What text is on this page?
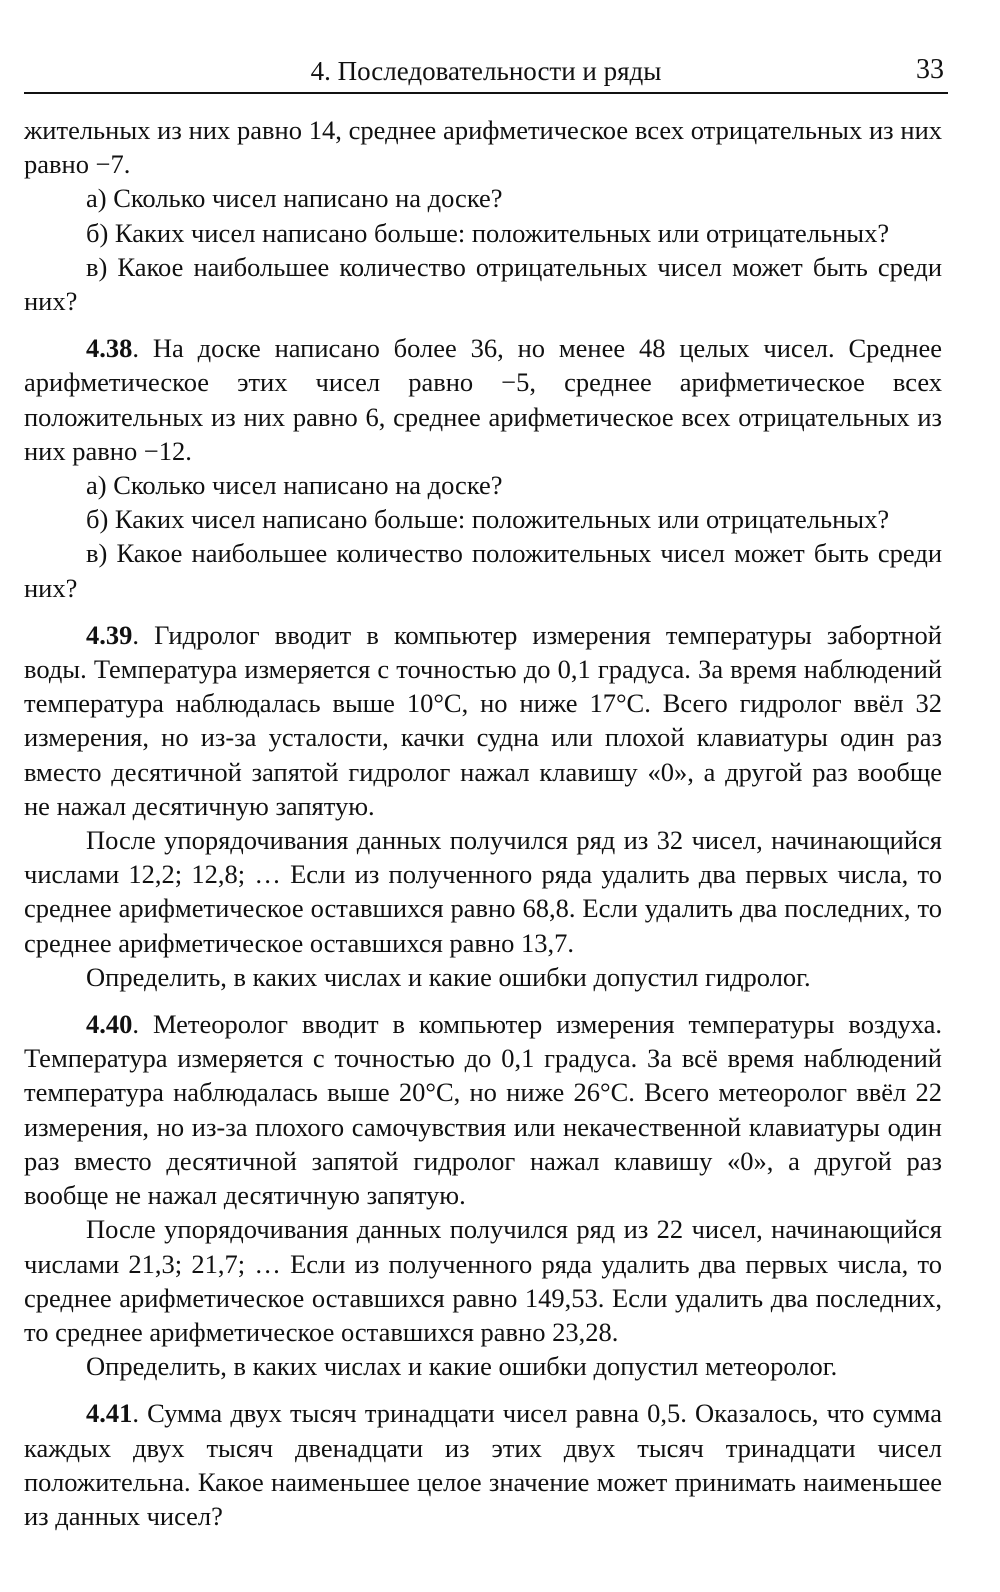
4. Последовательности и ряды	33

жительных из них равно 14, среднее арифметическое всех отрицательных из них равно −7.

а) Сколько чисел написано на доске?

б) Каких чисел написано больше: положительных или отрицательных?

в) Какое наибольшее количество отрицательных чисел может быть среди них?

4.38. На доске написано более 36, но менее 48 целых чисел. Среднее арифметическое этих чисел равно −5, среднее арифметическое всех положительных из них равно 6, среднее арифметическое всех отрицательных из них равно −12.

а) Сколько чисел написано на доске?

б) Каких чисел написано больше: положительных или отрицательных?

в) Какое наибольшее количество положительных чисел может быть среди них?

4.39. Гидролог вводит в компьютер измерения температуры забортной воды. Температура измеряется с точностью до 0,1 градуса. За время наблюдений температура наблюдалась выше 10°С, но ниже 17°С. Всего гидролог ввёл 32 измерения, но из-за усталости, качки судна или плохой клавиатуры один раз вместо десятичной запятой гидролог нажал клавишу «0», а другой раз вообще не нажал десятичную запятую.

После упорядочивания данных получился ряд из 32 чисел, начинающийся числами 12,2; 12,8; … Если из полученного ряда удалить два первых числа, то среднее арифметическое оставшихся равно 68,8. Если удалить два последних, то среднее арифметическое оставшихся равно 13,7.

Определить, в каких числах и какие ошибки допустил гидролог.

4.40. Метеоролог вводит в компьютер измерения температуры воздуха. Температура измеряется с точностью до 0,1 градуса. За всё время наблюдений температура наблюдалась выше 20°С, но ниже 26°С. Всего метеоролог ввёл 22 измерения, но из-за плохого самочувствия или некачественной клавиатуры один раз вместо десятичной запятой гидролог нажал клавишу «0», а другой раз вообще не нажал десятичную запятую.

После упорядочивания данных получился ряд из 22 чисел, начинающийся числами 21,3; 21,7; … Если из полученного ряда удалить два первых числа, то среднее арифметическое оставшихся равно 149,53. Если удалить два последних, то среднее арифметическое оставшихся равно 23,28.

Определить, в каких числах и какие ошибки допустил метеоролог.

4.41. Сумма двух тысяч тринадцати чисел равна 0,5. Оказалось, что сумма каждых двух тысяч двенадцати из этих двух тысяч тринадцати чисел положительна. Какое наименьшее целое значение может принимать наименьшее из данных чисел?
